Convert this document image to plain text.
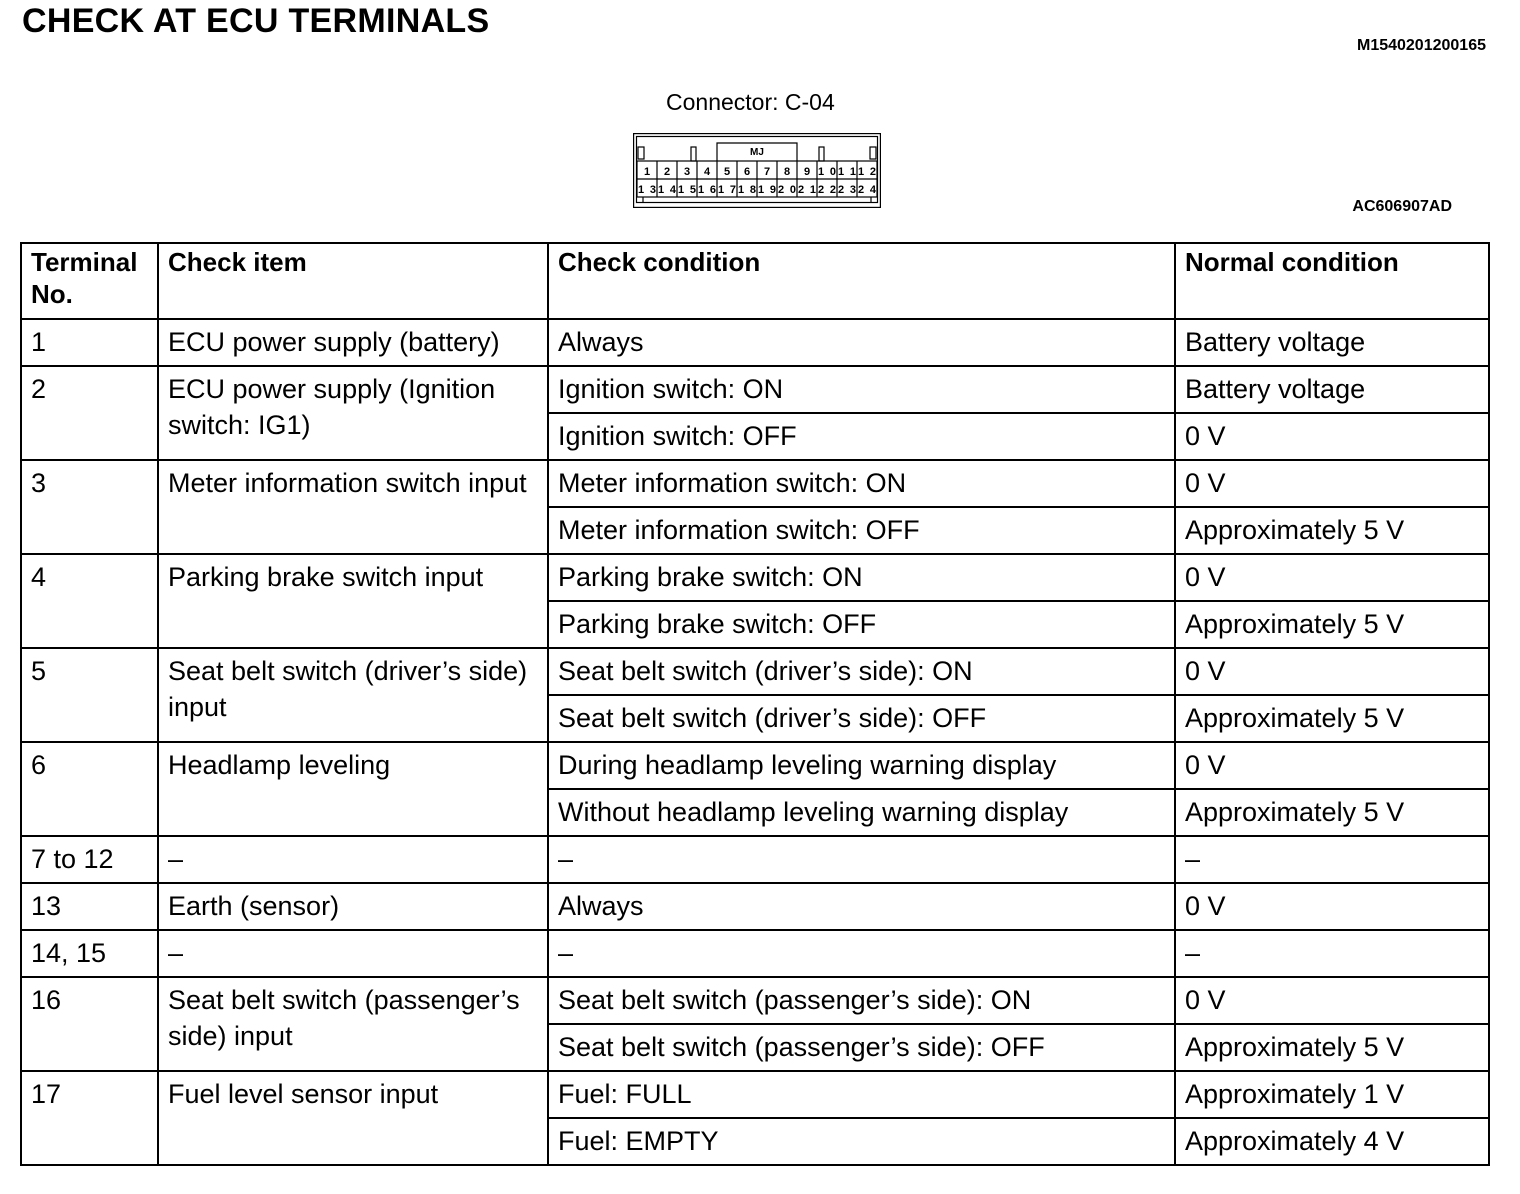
CHECK AT ECU TERMINALS
M1540201200165
Connector: C-04
MJ
1 2 3 4 5 6 7 8 9 10 11 12
13 14 15 16 17 18 19 20 21 22 23 24
AC606907AD
Terminal No.	Check item	Check condition	Normal condition
1	ECU power supply (battery)	Always	Battery voltage
2	ECU power supply (Ignition switch: IG1)	Ignition switch: ON	Battery voltage
		Ignition switch: OFF	0 V
3	Meter information switch input	Meter information switch: ON	0 V
		Meter information switch: OFF	Approximately 5 V
4	Parking brake switch input	Parking brake switch: ON	0 V
		Parking brake switch: OFF	Approximately 5 V
5	Seat belt switch (driver’s side) input	Seat belt switch (driver’s side): ON	0 V
		Seat belt switch (driver’s side): OFF	Approximately 5 V
6	Headlamp leveling	During headlamp leveling warning display	0 V
		Without headlamp leveling warning display	Approximately 5 V
7 to 12	–	–	–
13	Earth (sensor)	Always	0 V
14, 15	–	–	–
16	Seat belt switch (passenger’s side) input	Seat belt switch (passenger’s side): ON	0 V
		Seat belt switch (passenger’s side): OFF	Approximately 5 V
17	Fuel level sensor input	Fuel: FULL	Approximately 1 V
		Fuel: EMPTY	Approximately 4 V
